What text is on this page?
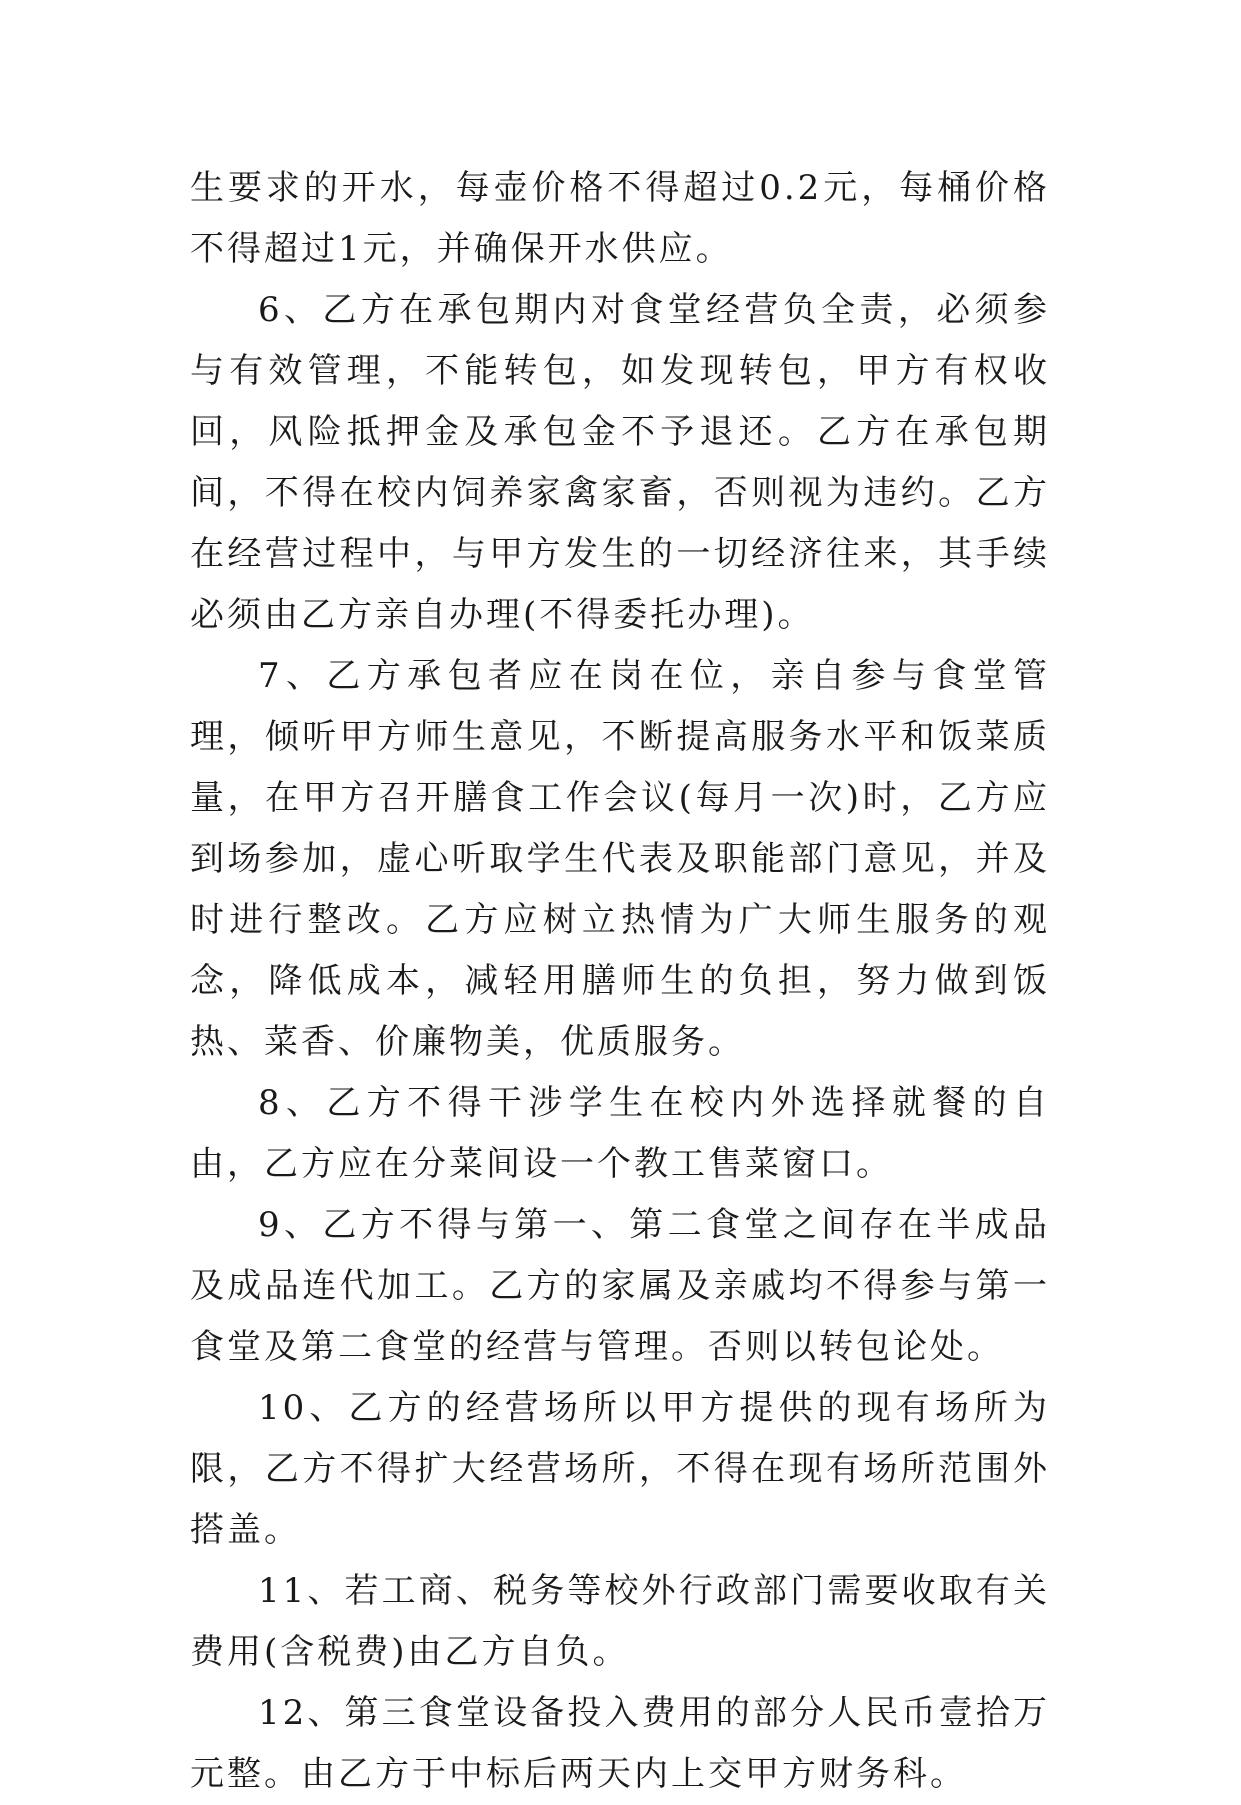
生要求的开水，每壶价格不得超过0.2元，每桶价格不得超过1元，并确保开水供应。

6、乙方在承包期内对食堂经营负全责，必须参与有效管理，不能转包，如发现转包，甲方有权收回，风险抵押金及承包金不予退还。乙方在承包期间，不得在校内饲养家禽家畜，否则视为违约。乙方在经营过程中，与甲方发生的一切经济往来，其手续必须由乙方亲自办理(不得委托办理)。

7、乙方承包者应在岗在位，亲自参与食堂管理，倾听甲方师生意见，不断提高服务水平和饭菜质量，在甲方召开膳食工作会议(每月一次)时，乙方应到场参加，虚心听取学生代表及职能部门意见，并及时进行整改。乙方应树立热情为广大师生服务的观念，降低成本，减轻用膳师生的负担，努力做到饭热、菜香、价廉物美，优质服务。

8、乙方不得干涉学生在校内外选择就餐的自由，乙方应在分菜间设一个教工售菜窗口。

9、乙方不得与第一、第二食堂之间存在半成品及成品连代加工。乙方的家属及亲戚均不得参与第一食堂及第二食堂的经营与管理。否则以转包论处。

10、乙方的经营场所以甲方提供的现有场所为限，乙方不得扩大经营场所，不得在现有场所范围外搭盖。

11、若工商、税务等校外行政部门需要收取有关费用(含税费)由乙方自负。

12、第三食堂设备投入费用的部分人民币壹拾万元整。由乙方于中标后两天内上交甲方财务科。
